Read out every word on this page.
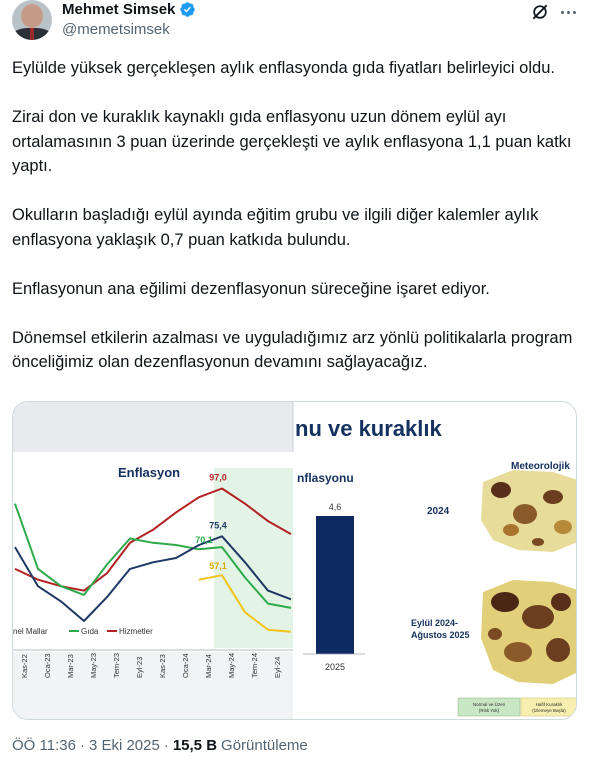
Mehmet Simsek
@memetsimsek

Eylülde yüksek gerçekleşen aylık enflasyonda gıda fiyatları belirleyici oldu.

Zirai don ve kuraklık kaynaklı gıda enflasyonu uzun dönem eylül ayı ortalamasının 3 puan üzerinde gerçekleşti ve aylık enflasyona 1,1 puan katkı yaptı.

Okulların başladığı eylül ayında eğitim grubu ve ilgili diğer kalemler aylık enflasyona yaklaşık 0,7 puan katkıda bulundu.

Enflasyonun ana eğilimi dezenflasyonun süreceğine işaret ediyor.

Dönemsel etkilerin azalması ve uyguladığımız arz yönlü politikalarla program önceliğimiz olan dezenflasyonun devamını sağlayacağız.

nu ve kuraklık
Enflasyon	97,0
75,4
70,1
57,1
nel Mallar	Gıda	Hizmetler
Kas-22 Oca-23 Mar-23 May-23 Tem-23 Eyl-23 Kas-23 Oca-24 Mar-24 May-24 Tem-24 Eyl-24
nflasyonu
4,6
2025
Meteorolojik
2024
Eylül 2024-
Ağustos 2025
Normal ve Üzeri
(Risk Yok)
Hafif Kuraklık
(İzlemeye Başla)
ÖÖ 11:36 · 3 Eki 2025 · 15,5 B Görüntüleme
